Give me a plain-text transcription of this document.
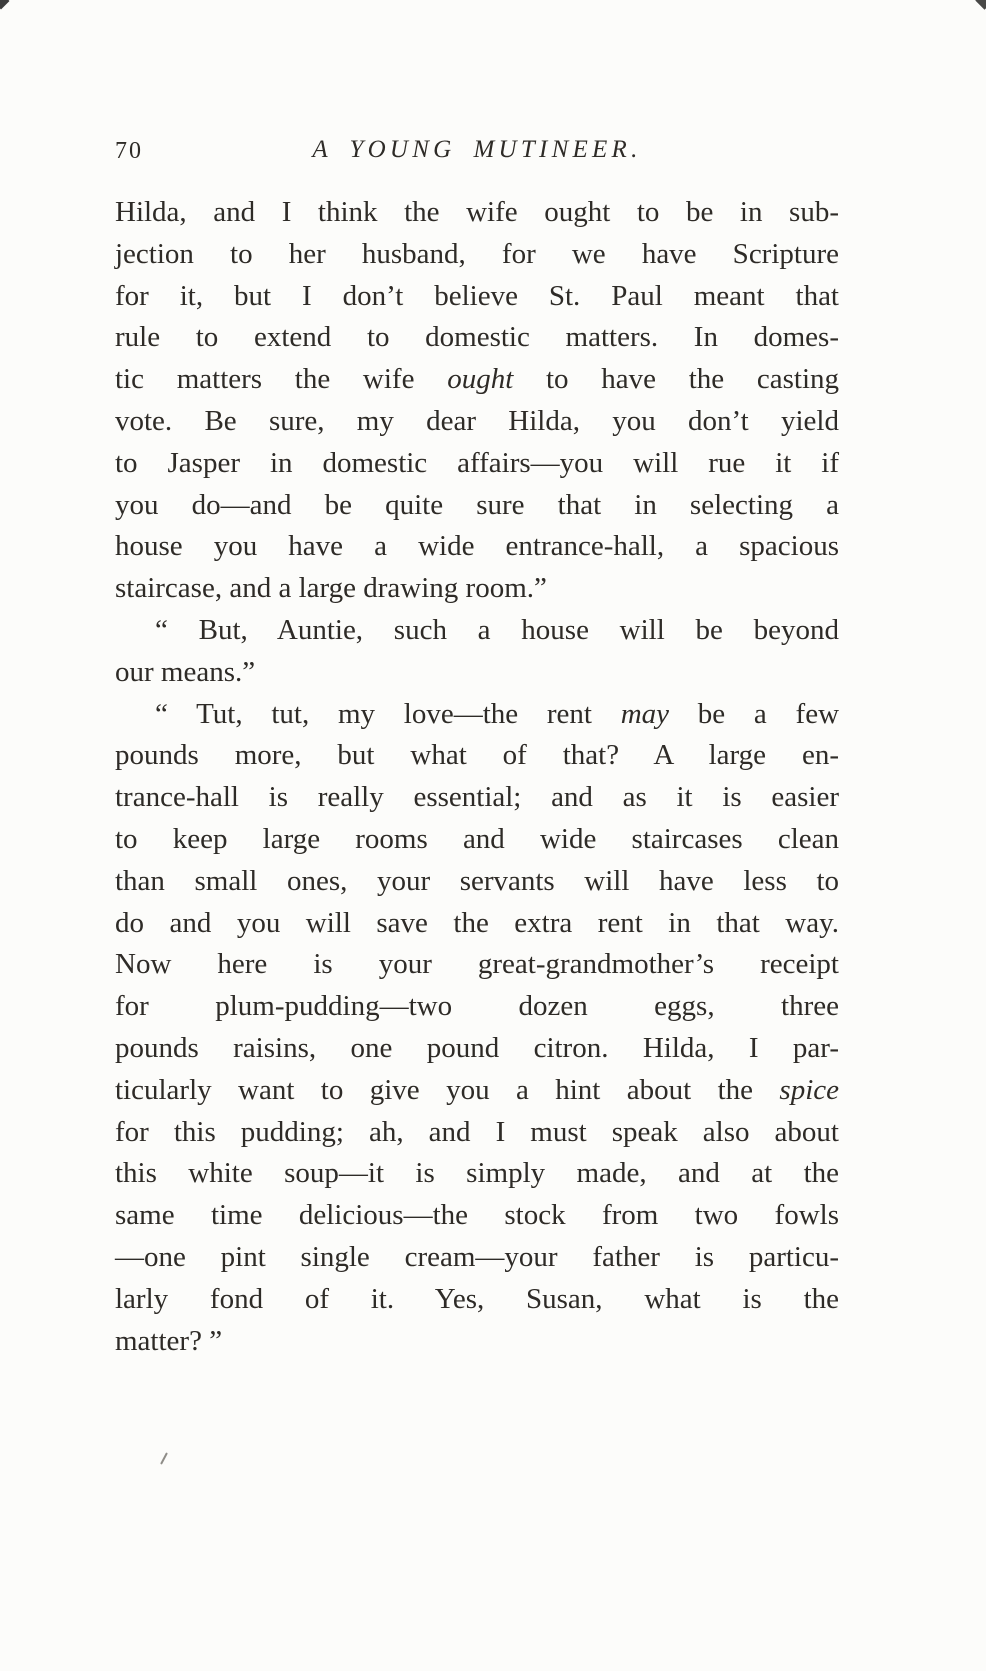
A YOUNG MUTINEER.
70
Hilda, and I think the wife ought to be in sub-
jection to her husband, for we have Scripture
for it, but I don’t believe St. Paul meant that
rule to extend to domestic matters. In domes-
tic matters the wife ought to have the casting
vote. Be sure, my dear Hilda, you don’t yield
to Jasper in domestic affairs—you will rue it if
you do—and be quite sure that in selecting a
house you have a wide entrance-hall, a spacious
staircase, and a large drawing room.”
“ But, Auntie, such a house will be beyond
our means.”
“ Tut, tut, my love—the rent may be a few
pounds more, but what of that? A large en-
trance-hall is really essential; and as it is easier
to keep large rooms and wide staircases clean
than small ones, your servants will have less to
do and you will save the extra rent in that way.
Now here is your great-grandmother’s receipt
for plum-pudding—two dozen eggs, three
pounds raisins, one pound citron. Hilda, I par-
ticularly want to give you a hint about the spice
for this pudding; ah, and I must speak also about
this white soup—it is simply made, and at the
same time delicious—the stock from two fowls
—one pint single cream—your father is particu-
larly fond of it. Yes, Susan, what is the
matter? ”
